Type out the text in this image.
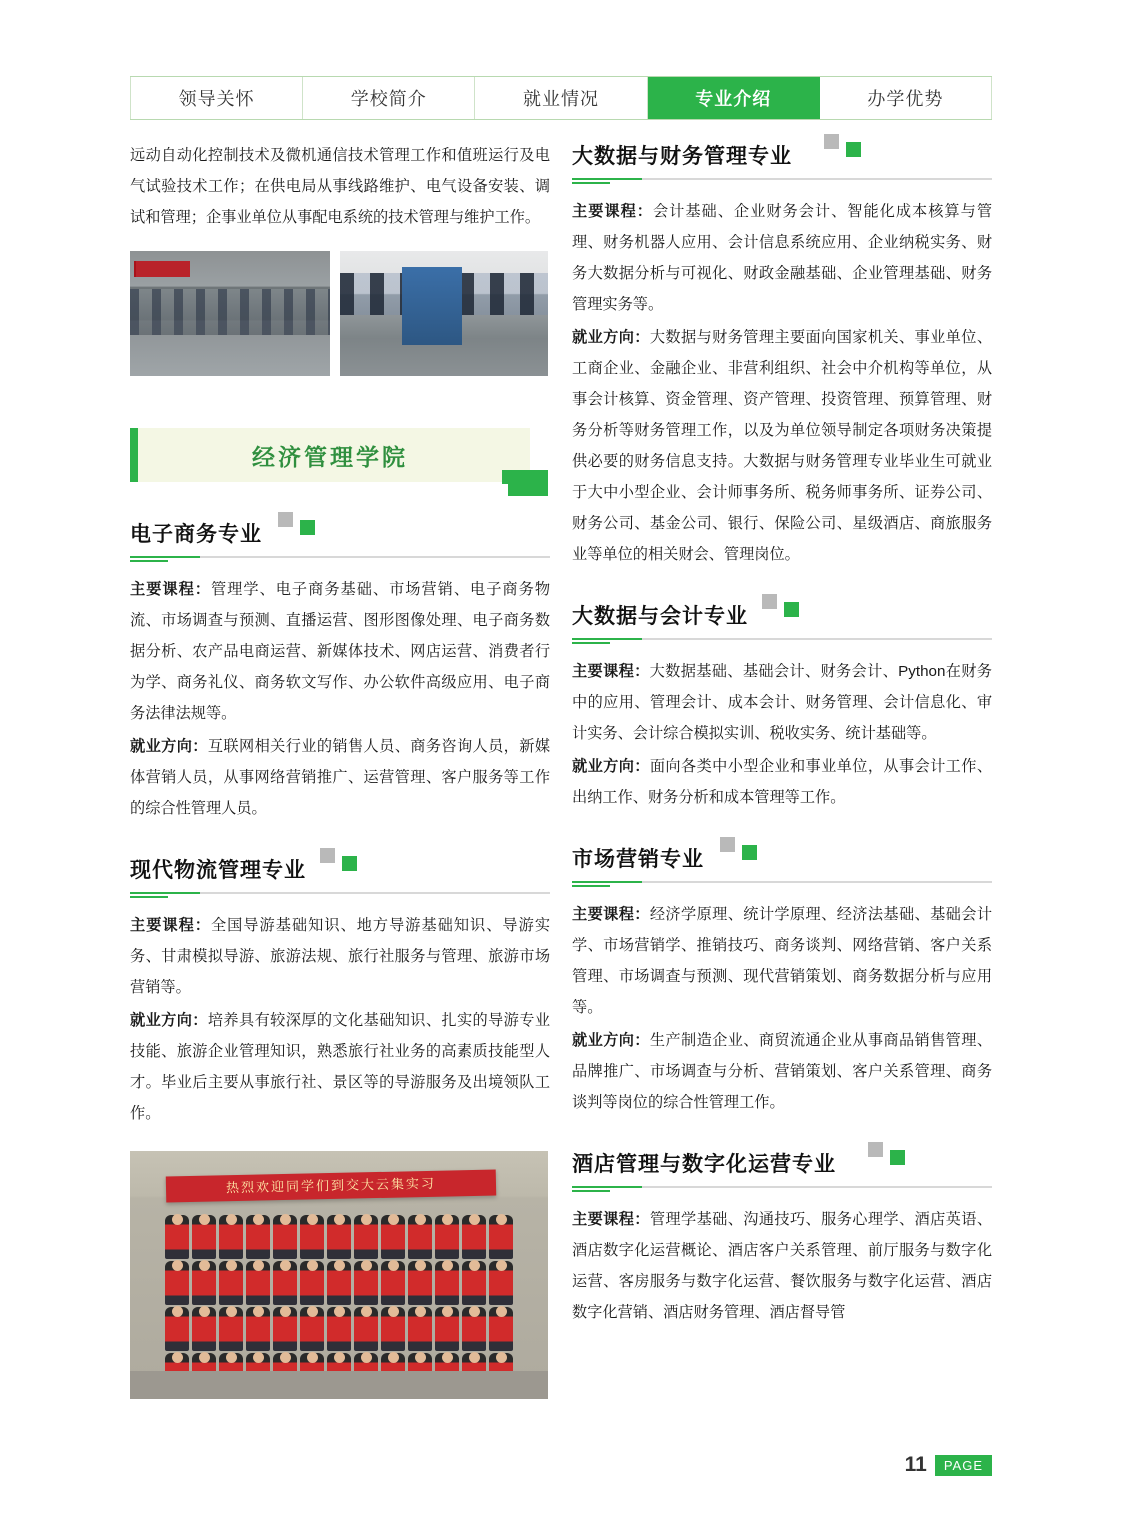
领导关怀	学校简介	就业情况	专业介绍	办学优势

远动自动化控制技术及微机通信技术管理工作和值班运行及电气试验技术工作；在供电局从事线路维护、电气设备安装、调试和管理；企事业单位从事配电系统的技术管理与维护工作。

经济管理学院
电子商务专业

主要课程：管理学、电子商务基础、市场营销、电子商务物流、市场调查与预测、直播运营、图形图像处理、电子商务数据分析、农产品电商运营、新媒体技术、网店运营、消费者行为学、商务礼仪、商务软文写作、办公软件高级应用、电子商务法律法规等。

就业方向：互联网相关行业的销售人员、商务咨询人员，新媒体营销人员，从事网络营销推广、运营管理、客户服务等工作的综合性管理人员。

现代物流管理专业

主要课程：全国导游基础知识、地方导游基础知识、导游实务、甘肃模拟导游、旅游法规、旅行社服务与管理、旅游市场营销等。

就业方向：培养具有较深厚的文化基础知识、扎实的导游专业技能、旅游企业管理知识，熟悉旅行社业务的高素质技能型人才。毕业后主要从事旅行社、景区等的导游服务及出境领队工作。

热烈欢迎同学们到交大云集实习
大数据与财务管理专业

主要课程：会计基础、企业财务会计、智能化成本核算与管理、财务机器人应用、会计信息系统应用、企业纳税实务、财务大数据分析与可视化、财政金融基础、企业管理基础、财务管理实务等。

就业方向：大数据与财务管理主要面向国家机关、事业单位、工商企业、金融企业、非营利组织、社会中介机构等单位，从事会计核算、资金管理、资产管理、投资管理、预算管理、财务分析等财务管理工作，以及为单位领导制定各项财务决策提供必要的财务信息支持。大数据与财务管理专业毕业生可就业于大中小型企业、会计师事务所、税务师事务所、证券公司、财务公司、基金公司、银行、保险公司、星级酒店、商旅服务业等单位的相关财会、管理岗位。

大数据与会计专业

主要课程：大数据基础、基础会计、财务会计、Python在财务中的应用、管理会计、成本会计、财务管理、会计信息化、审计实务、会计综合模拟实训、税收实务、统计基础等。

就业方向：面向各类中小型企业和事业单位，从事会计工作、出纳工作、财务分析和成本管理等工作。

市场营销专业

主要课程：经济学原理、统计学原理、经济法基础、基础会计学、市场营销学、推销技巧、商务谈判、网络营销、客户关系管理、市场调查与预测、现代营销策划、商务数据分析与应用等。

就业方向：生产制造企业、商贸流通企业从事商品销售管理、品牌推广、市场调查与分析、营销策划、客户关系管理、商务谈判等岗位的综合性管理工作。

酒店管理与数字化运营专业

主要课程：管理学基础、沟通技巧、服务心理学、酒店英语、酒店数字化运营概论、酒店客户关系管理、前厅服务与数字化运营、客房服务与数字化运营、餐饮服务与数字化运营、酒店数字化营销、酒店财务管理、酒店督导管

11	PAGE
